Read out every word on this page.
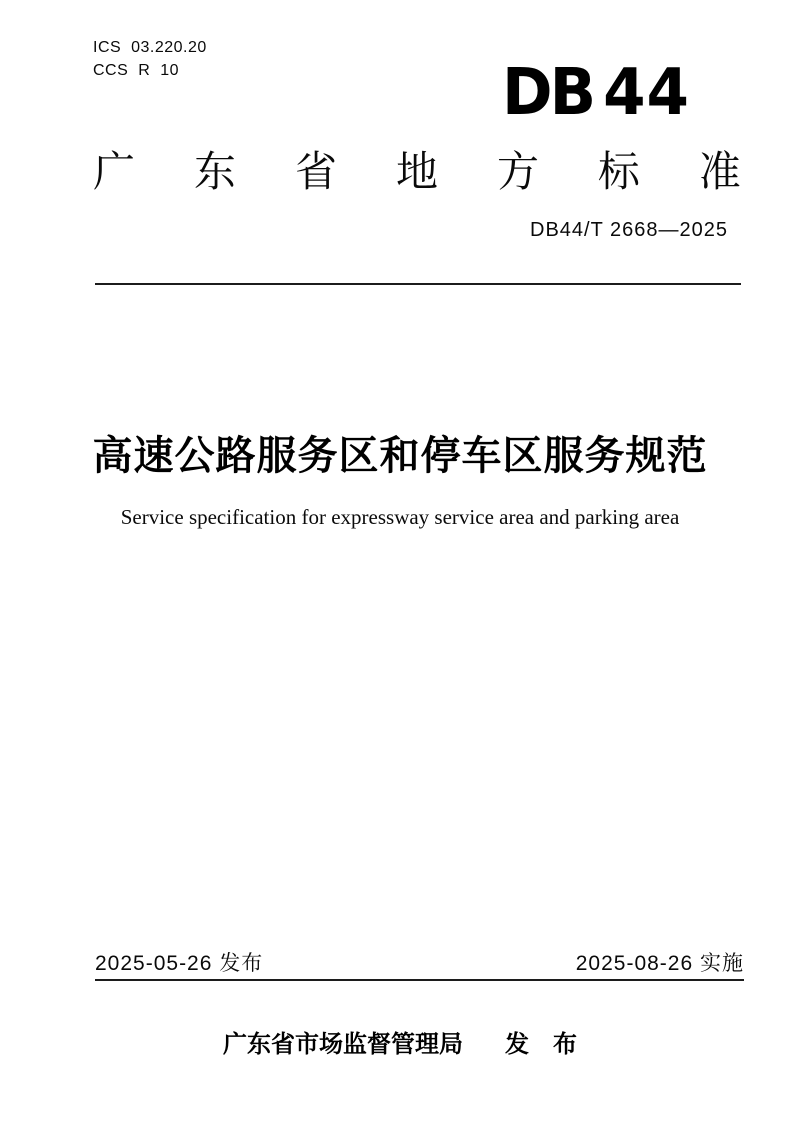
ICS 03.220.20
CCS R 10	DB 44
广 东 省 地 方 标 准
DB44/T 2668—2025
高速公路服务区和停车区服务规范
Service specification for expressway service area and parking area
2025-05-26 发布	2025-08-26 实施
广东省市场监督管理局 发　布
